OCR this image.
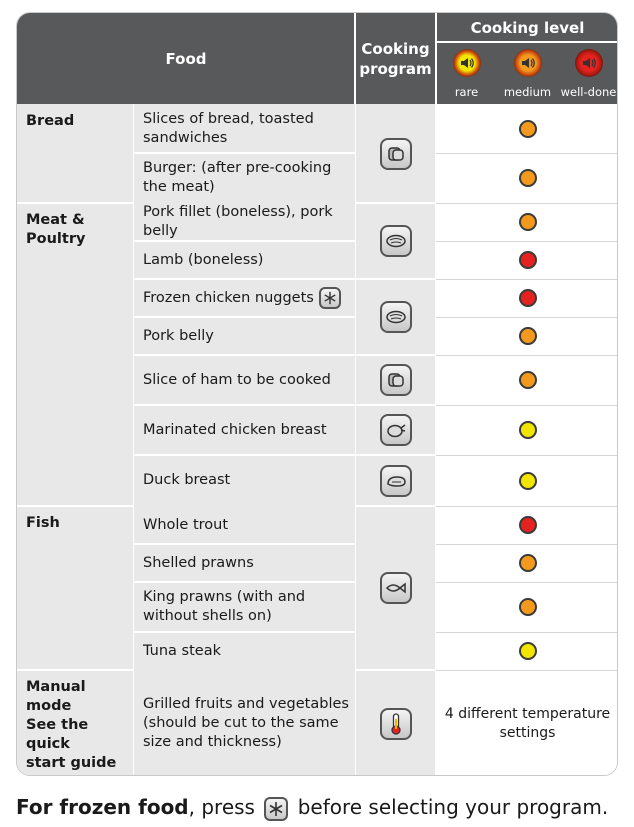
Food
Cooking
program
Cooking level
rare medium well-done
Bread
Meat &
Poultry
Fish
Manual mode
See the quick
start guide

4 different temperature
settings
Slices of bread, toasted
sandwiches
Burger: (after pre-cooking
the meat)
Pork fillet (boneless), pork belly
Lamb (boneless)
Frozen chicken nuggets
Pork belly
Slice of ham to be cooked
Marinated chicken breast
Duck breast
Whole trout
Shelled prawns
King prawns (with and
without shells on)
Tuna steak
Grilled fruits and vegetables
(should be cut to the same
size and thickness)
For frozen food, press
before selecting your program.
